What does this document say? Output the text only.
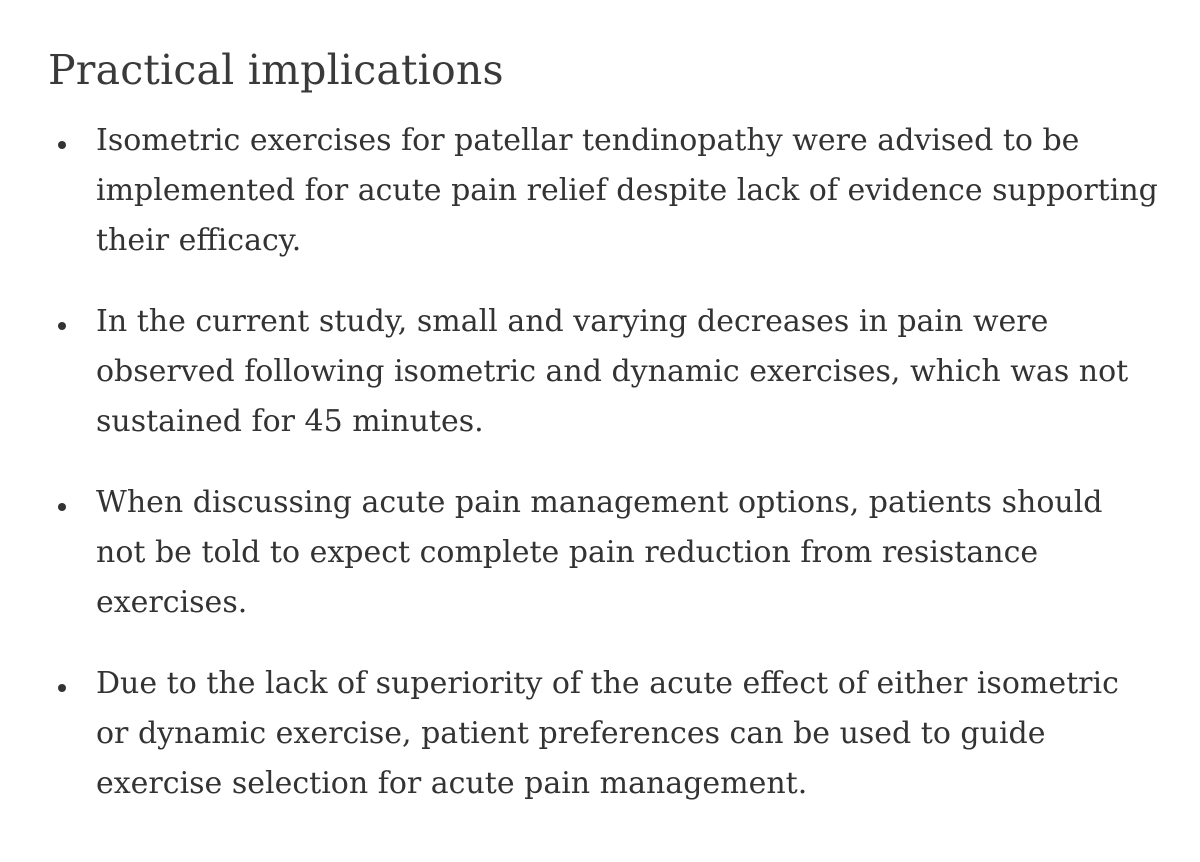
Practical implications
Isometric exercises for patellar tendinopathy were advised to be implemented for acute pain relief despite lack of evidence supporting their efficacy.
In the current study, small and varying decreases in pain were observed following isometric and dynamic exercises, which was not sustained for 45 minutes.
When discussing acute pain management options, patients should not be told to expect complete pain reduction from resistance exercises.
Due to the lack of superiority of the acute effect of either isometric or dynamic exercise, patient preferences can be used to guide exercise selection for acute pain management.
